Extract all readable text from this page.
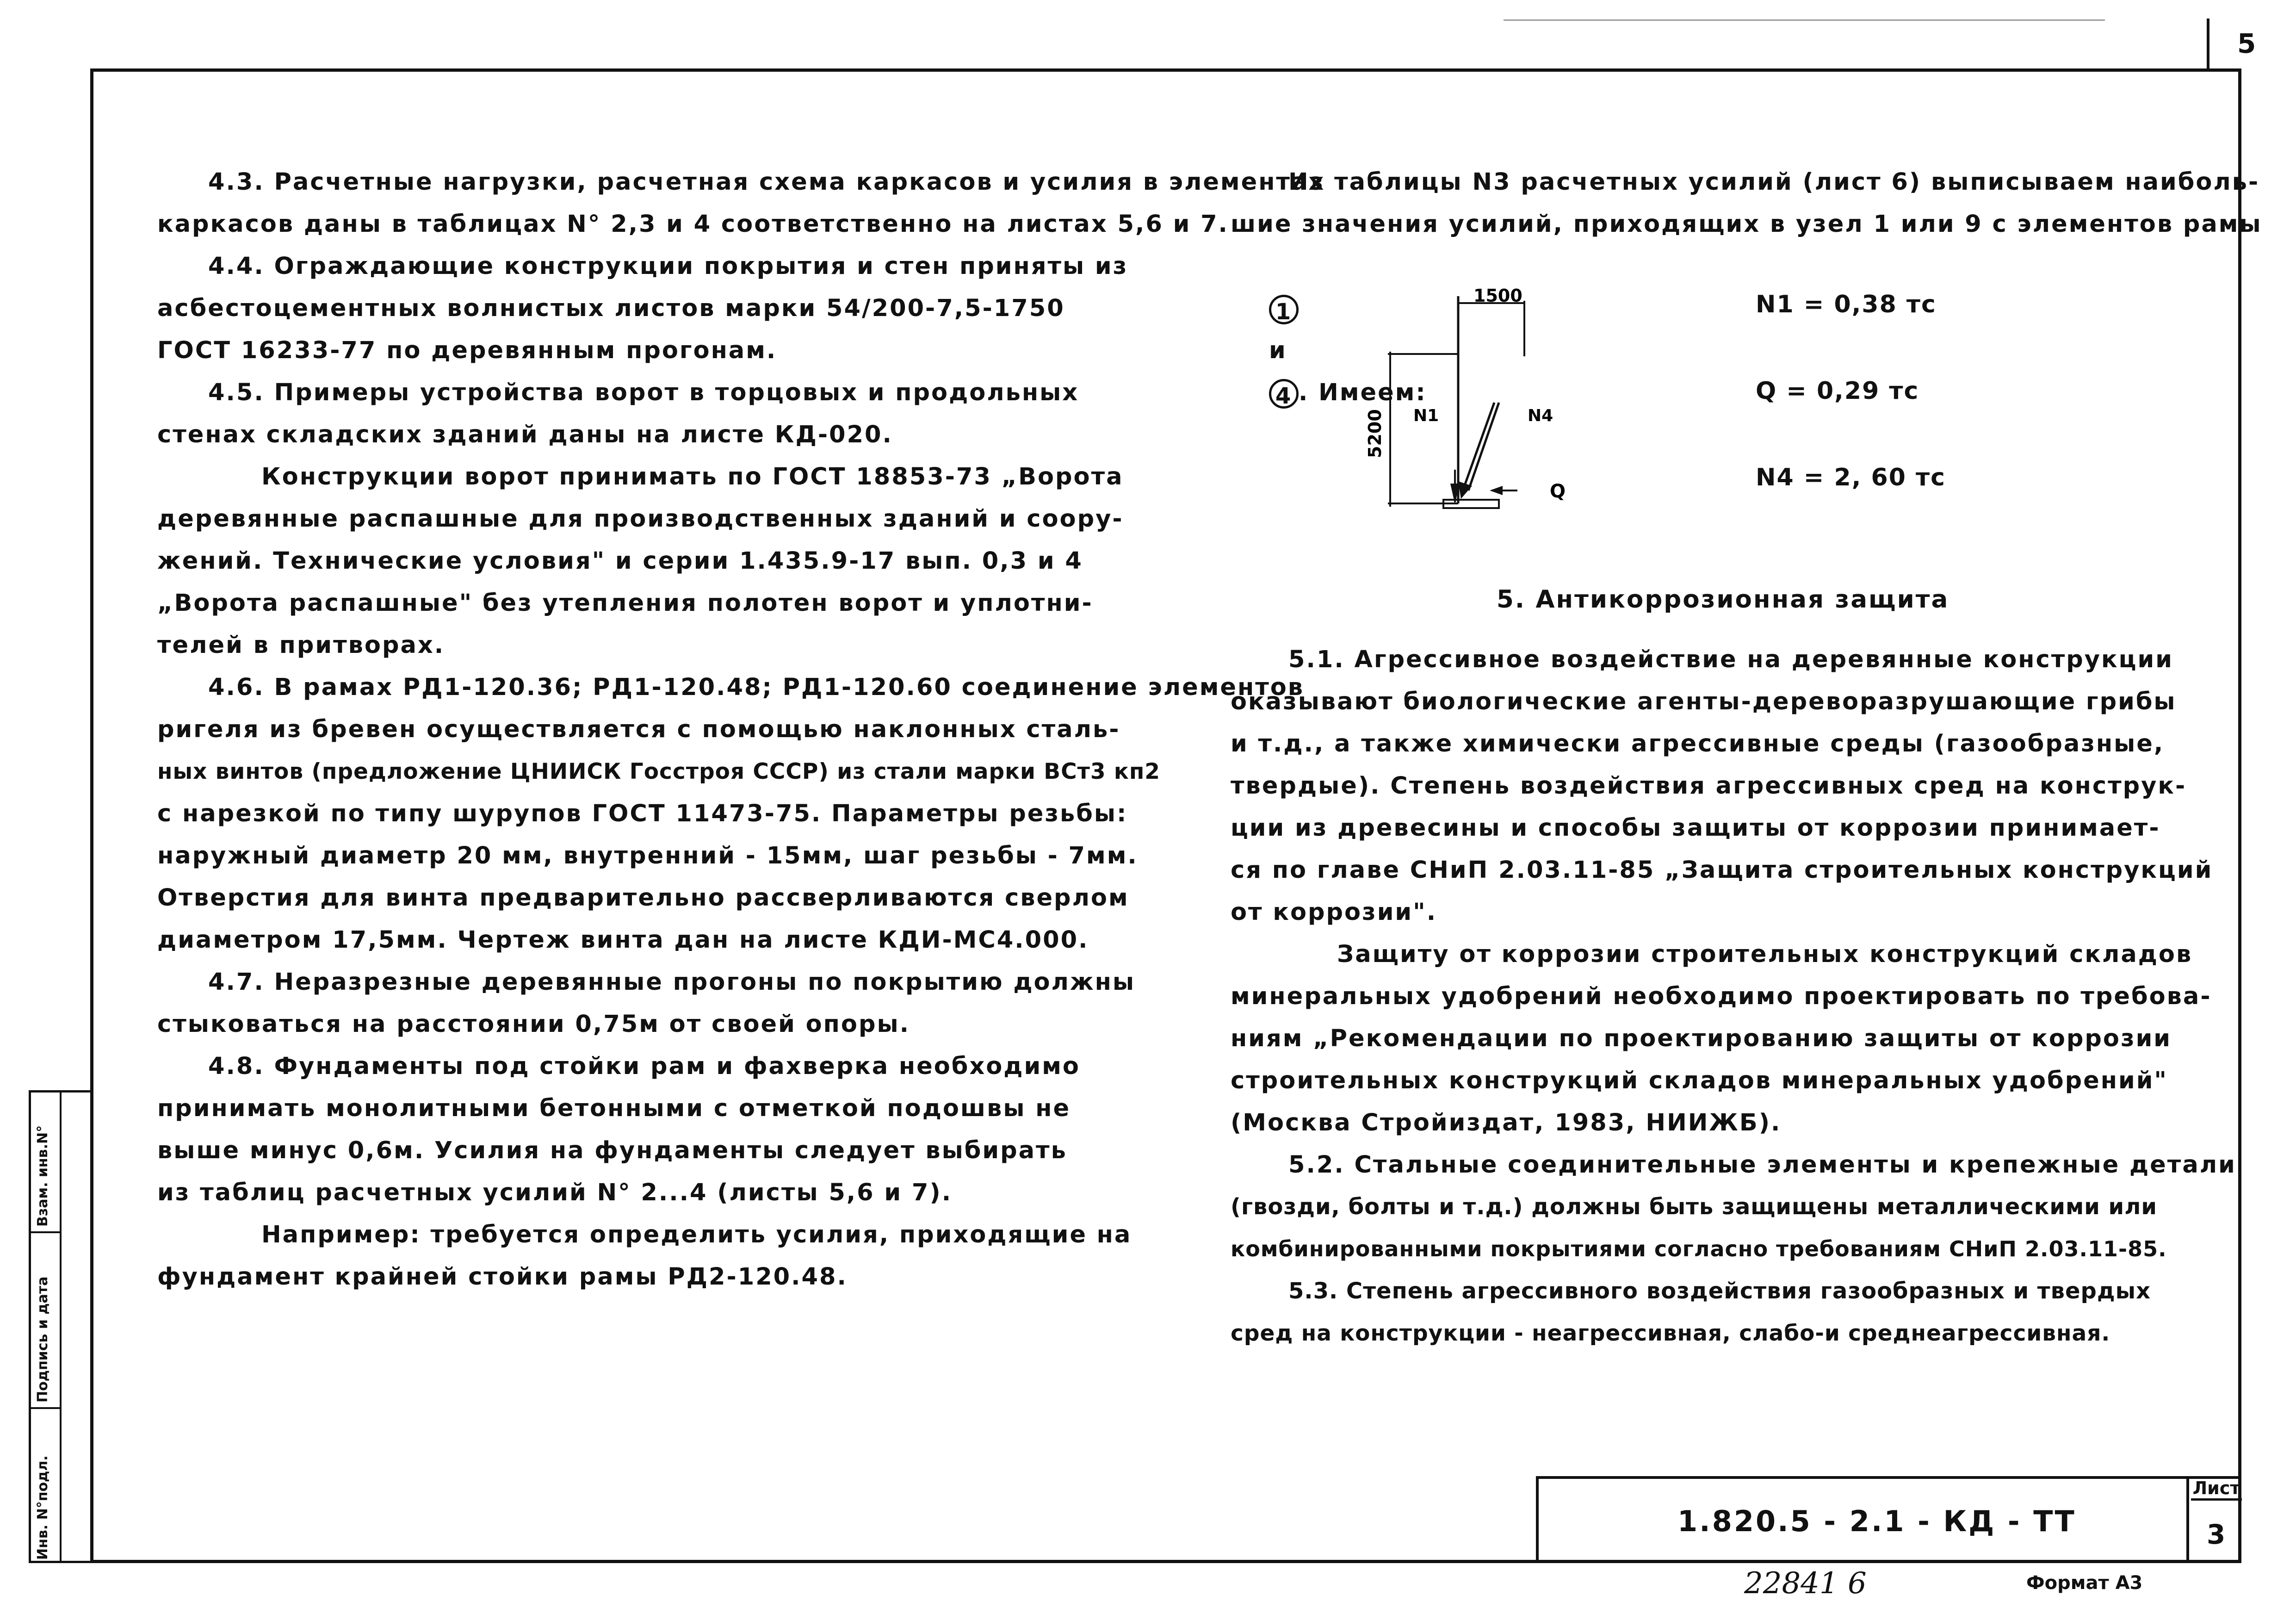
5
Инв. N°подл.
Подпись и дата
Взам. инв.N°

4.3. Расчетные нагрузки, расчетная схема каркасов и усилия в элементах

каркасов даны в таблицах N° 2,3 и 4 соответственно на листах 5,6 и 7.

4.4. Ограждающие конструкции покрытия и стен приняты из

асбестоцементных волнистых листов марки 54/200-7,5-1750

ГОСТ 16233-77 по деревянным прогонам.

4.5. Примеры устройства ворот в торцовых и продольных

стенах складских зданий даны на листе КД-020.

Конструкции ворот принимать по ГОСТ 18853-73 „Ворота

деревянные распашные для производственных зданий и соору-

жений. Технические условия" и серии 1.435.9-17 вып. 0,3 и 4

„Ворота распашные" без утепления полотен ворот и уплотни-

телей в притворах.

4.6. В рамах РД1-120.36; РД1-120.48; РД1-120.60 соединение элементов

ригеля из бревен осуществляется с помощью наклонных сталь-

ных винтов (предложение ЦНИИСК Госстроя СССР) из стали марки ВСт3 кп2

с нарезкой по типу шурупов ГОСТ 11473-75. Параметры резьбы:

наружный диаметр 20 мм, внутренний - 15мм, шаг резьбы - 7мм.

Отверстия для винта предварительно рассверливаются сверлом

диаметром 17,5мм. Чертеж винта дан на листе КДИ-МС4.000.

4.7. Неразрезные деревянные прогоны по покрытию должны

стыковаться на расстоянии 0,75м от своей опоры.

4.8. Фундаменты под стойки рам и фахверка необходимо

принимать монолитными бетонными с отметкой подошвы не

выше минус 0,6м. Усилия на фундаменты следует выбирать

из таблиц расчетных усилий N° 2...4 (листы 5,6 и 7).

Например: требуется определить усилия, приходящие на

фундамент крайней стойки рамы РД2-120.48.

Из таблицы N3 расчетных усилий (лист 6) выписываем наиболь-

шие значения усилий, приходящих в узел 1 или 9 с элементов рамы

1
и
4 . Имеем:

1500
5200 N1	N4
Q
N1 = 0,38 тс
Q = 0,29 тс
N4 = 2, 60 тс
5. Антикоррозионная защита

5.1. Агрессивное воздействие на деревянные конструкции

оказывают биологические агенты-дереворазрушающие грибы

и т.д., а также химически агрессивные среды (газообразные,

твердые). Степень воздействия агрессивных сред на конструк-

ции из древесины и способы защиты от коррозии принимает-

ся по главе СНиП 2.03.11-85 „Защита строительных конструкций

от коррозии".

Защиту от коррозии строительных конструкций складов

минеральных удобрений необходимо проектировать по требова-

ниям „Рекомендации по проектированию защиты от коррозии

строительных конструкций складов минеральных удобрений"

(Москва Стройиздат, 1983, НИИЖБ).

5.2. Стальные соединительные элементы и крепежные детали

(гвозди, болты и т.д.) должны быть защищены металлическими или

комбинированными покрытиями согласно требованиям СНиП 2.03.11-85.

5.3. Степень агрессивного воздействия газообразных и твердых

сред на конструкции - неагрессивная, слабо-и среднеагрессивная.

1.820.5 - 2.1 - КД - ТТ
Лист
3
22841 6	Формат А3
